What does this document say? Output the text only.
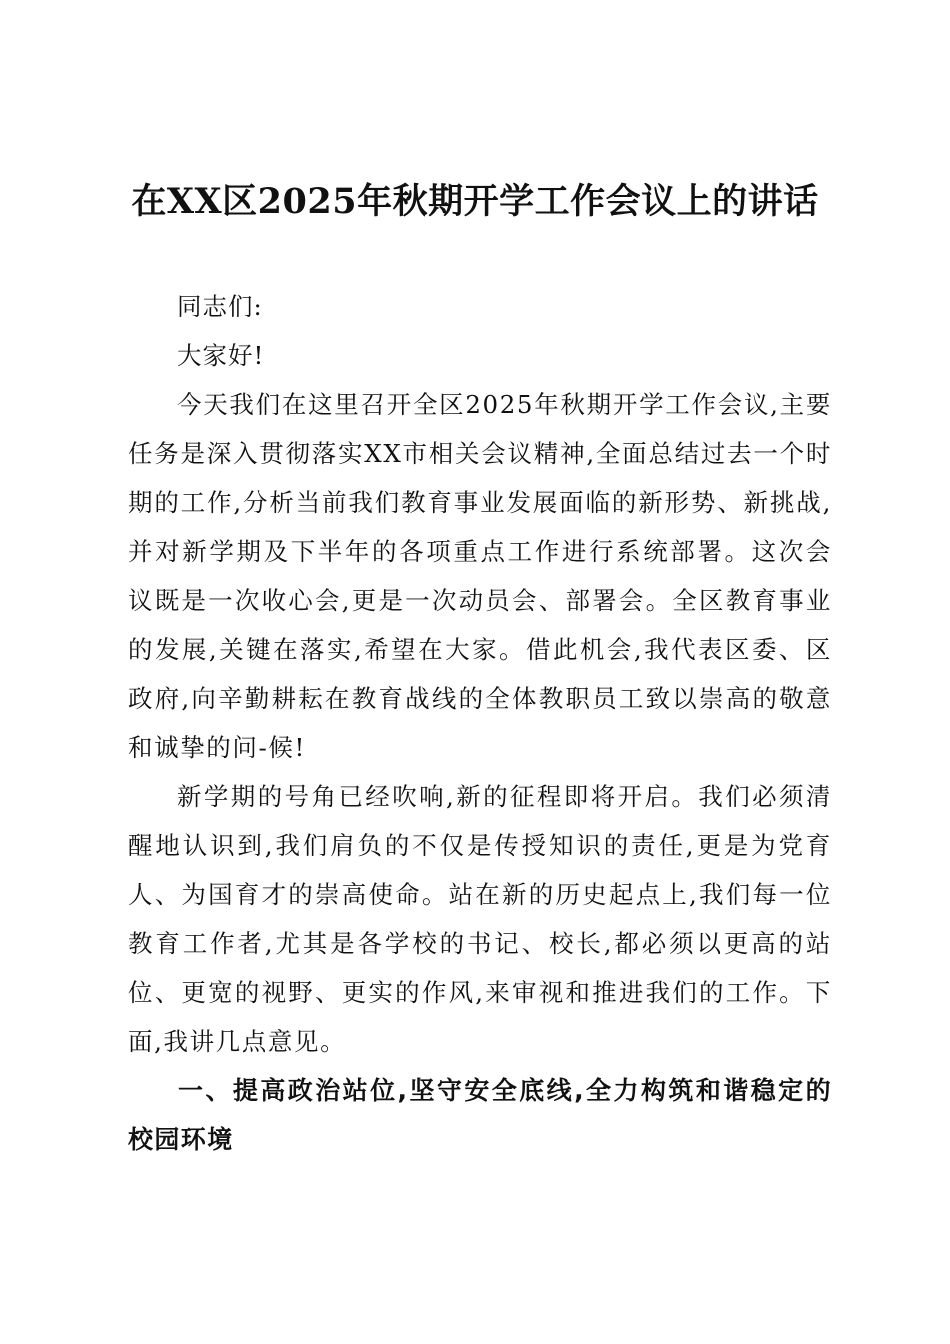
在XX区2025年秋期开学工作会议上的讲话

同志们:

大家好!

今天我们在这里召开全区2025年秋期开学工作会议,主要任务是深入贯彻落实XX市相关会议精神,全面总结过去一个时期的工作,分析当前我们教育事业发展面临的新形势、新挑战,并对新学期及下半年的各项重点工作进行系统部署。这次会议既是一次收心会,更是一次动员会、部署会。全区教育事业的发展,关键在落实,希望在大家。借此机会,我代表区委、区政府,向辛勤耕耘在教育战线的全体教职员工致以崇高的敬意和诚挚的问-候!

新学期的号角已经吹响,新的征程即将开启。我们必须清醒地认识到,我们肩负的不仅是传授知识的责任,更是为党育人、为国育才的崇高使命。站在新的历史起点上,我们每一位教育工作者,尤其是各学校的书记、校长,都必须以更高的站位、更宽的视野、更实的作风,来审视和推进我们的工作。下面,我讲几点意见。

一、提高政治站位,坚守安全底线,全力构筑和谐稳定的校园环境
